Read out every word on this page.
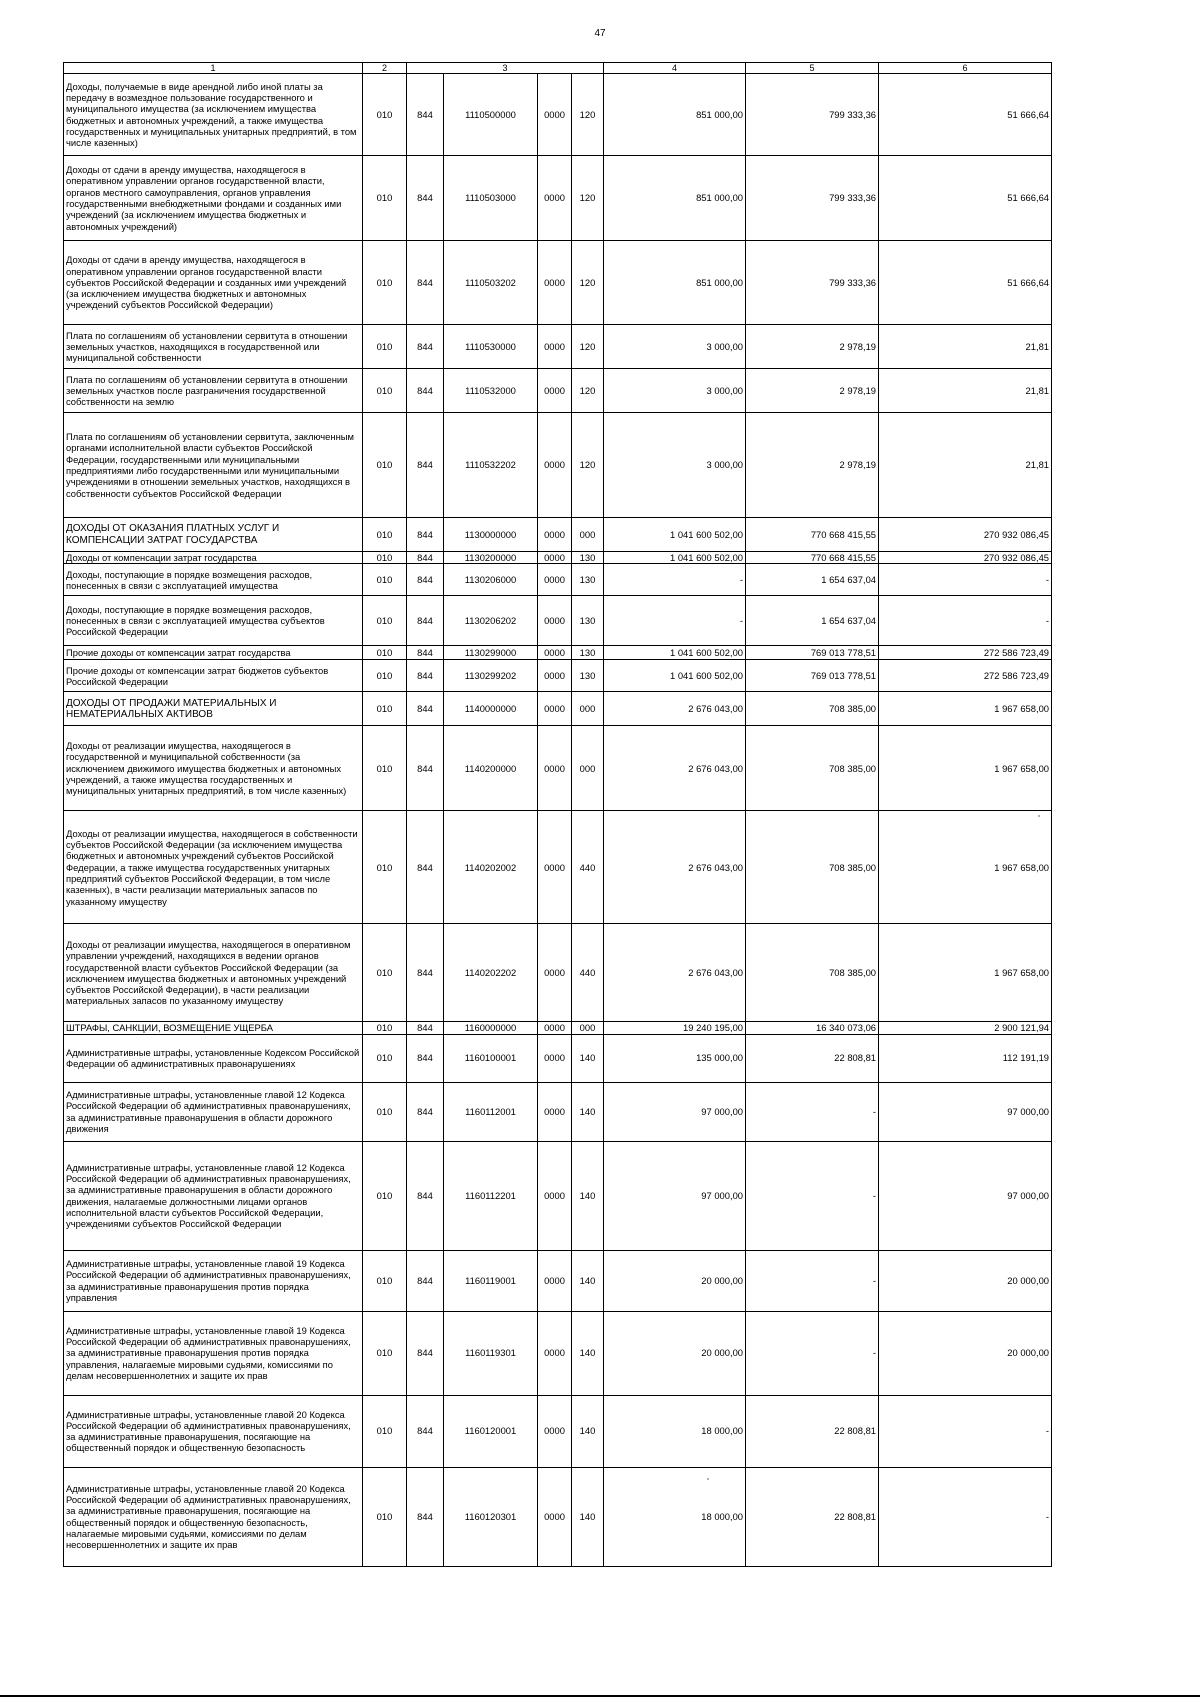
47
1	2	3				4	5	6
Доходы, получаемые в виде арендной либо иной платы за передачу в возмездное пользование государственного и муниципального имущества (за исключением имущества бюджетных и автономных учреждений, а также имущества государственных и муниципальных унитарных предприятий, в том числе казенных)	010	844	1110500000	0000	120	851 000,00	799 333,36	51 666,64
Доходы от сдачи в аренду имущества, находящегося в оперативном управлении органов государственной власти, органов местного самоуправления, органов управления государственными внебюджетными фондами и созданных ими учреждений (за исключением имущества бюджетных и автономных учреждений)	010	844	1110503000	0000	120	851 000,00	799 333,36	51 666,64
Доходы от сдачи в аренду имущества, находящегося в оперативном управлении органов государственной власти субъектов Российской Федерации и созданных ими учреждений (за исключением имущества бюджетных и автономных учреждений субъектов Российской Федерации)	010	844	1110503202	0000	120	851 000,00	799 333,36	51 666,64
Плата по соглашениям об установлении сервитута в отношении земельных участков, находящихся в государственной или муниципальной собственности	010	844	1110530000	0000	120	3 000,00	2 978,19	21,81
Плата по соглашениям об установлении сервитута в отношении земельных участков после разграничения государственной собственности на землю	010	844	1110532000	0000	120	3 000,00	2 978,19	21,81
Плата по соглашениям об установлении сервитута, заключенным органами исполнительной власти субъектов Российской Федерации, государственными или муниципальными предприятиями либо государственными или муниципальными учреждениями в отношении земельных участков, находящихся в собственности субъектов Российской Федерации	010	844	1110532202	0000	120	3 000,00	2 978,19	21,81
ДОХОДЫ ОТ ОКАЗАНИЯ ПЛАТНЫХ УСЛУГ И КОМПЕНСАЦИИ ЗАТРАТ ГОСУДАРСТВА	010	844	1130000000	0000	000	1 041 600 502,00	770 668 415,55	270 932 086,45
Доходы от компенсации затрат государства	010	844	1130200000	0000	130	1 041 600 502,00	770 668 415,55	270 932 086,45
Доходы, поступающие в порядке возмещения расходов, понесенных в связи с эксплуатацией имущества	010	844	1130206000	0000	130	-	1 654 637,04	-
Доходы, поступающие в порядке возмещения расходов, понесенных в связи с эксплуатацией имущества субъектов Российской Федерации	010	844	1130206202	0000	130	-	1 654 637,04	-
Прочие доходы от компенсации затрат государства	010	844	1130299000	0000	130	1 041 600 502,00	769 013 778,51	272 586 723,49
Прочие доходы от компенсации затрат бюджетов субъектов Российской Федерации	010	844	1130299202	0000	130	1 041 600 502,00	769 013 778,51	272 586 723,49
ДОХОДЫ ОТ ПРОДАЖИ МАТЕРИАЛЬНЫХ И НЕМАТЕРИАЛЬНЫХ АКТИВОВ	010	844	1140000000	0000	000	2 676 043,00	708 385,00	1 967 658,00
Доходы от реализации имущества, находящегося в государственной и муниципальной собственности (за исключением движимого имущества бюджетных и автономных учреждений, а также имущества государственных и муниципальных унитарных предприятий, в том числе казенных)	010	844	1140200000	0000	000	2 676 043,00	708 385,00	1 967 658,00
Доходы от реализации имущества, находящегося в собственности субъектов Российской Федерации (за исключением имущества бюджетных и автономных учреждений субъектов Российской Федерации, а также имущества государственных унитарных предприятий субъектов Российской Федерации, в том числе казенных), в части реализации материальных запасов по указанному имуществу	010	844	1140202002	0000	440	2 676 043,00	708 385,00	1 967 658,00
Доходы от реализации имущества, находящегося в оперативном управлении учреждений, находящихся в ведении органов государственной власти субъектов Российской Федерации (за исключением имущества бюджетных и автономных учреждений субъектов Российской Федерации), в части реализации материальных запасов по указанному имуществу	010	844	1140202202	0000	440	2 676 043,00	708 385,00	1 967 658,00
ШТРАФЫ, САНКЦИИ, ВОЗМЕЩЕНИЕ УЩЕРБА	010	844	1160000000	0000	000	19 240 195,00	16 340 073,06	2 900 121,94
Административные штрафы, установленные Кодексом Российской Федерации об административных правонарушениях	010	844	1160100001	0000	140	135 000,00	22 808,81	112 191,19
Административные штрафы, установленные главой 12 Кодекса Российской Федерации об административных правонарушениях, за административные правонарушения в области дорожного движения	010	844	1160112001	0000	140	97 000,00	-	97 000,00
Административные штрафы, установленные главой 12 Кодекса Российской Федерации об административных правонарушениях, за административные правонарушения в области дорожного движения, налагаемые должностными лицами органов исполнительной власти субъектов Российской Федерации, учреждениями субъектов Российской Федерации	010	844	1160112201	0000	140	97 000,00	-	97 000,00
Административные штрафы, установленные главой 19 Кодекса Российской Федерации об административных правонарушениях, за административные правонарушения против порядка управления	010	844	1160119001	0000	140	20 000,00	-	20 000,00
Административные штрафы, установленные главой 19 Кодекса Российской Федерации об административных правонарушениях, за административные правонарушения против порядка управления, налагаемые мировыми судьями, комиссиями по делам несовершеннолетних и защите их прав	010	844	1160119301	0000	140	20 000,00	-	20 000,00
Административные штрафы, установленные главой 20 Кодекса Российской Федерации об административных правонарушениях, за административные правонарушения, посягающие на общественный порядок и общественную безопасность	010	844	1160120001	0000	140	18 000,00	22 808,81	-
Административные штрафы, установленные главой 20 Кодекса Российской Федерации об административных правонарушениях, за административные правонарушения, посягающие на общественный порядок и общественную безопасность, налагаемые мировыми судьями, комиссиями по делам несовершеннолетних и защите их прав	010	844	1160120301	0000	140	18 000,00	22 808,81	-
